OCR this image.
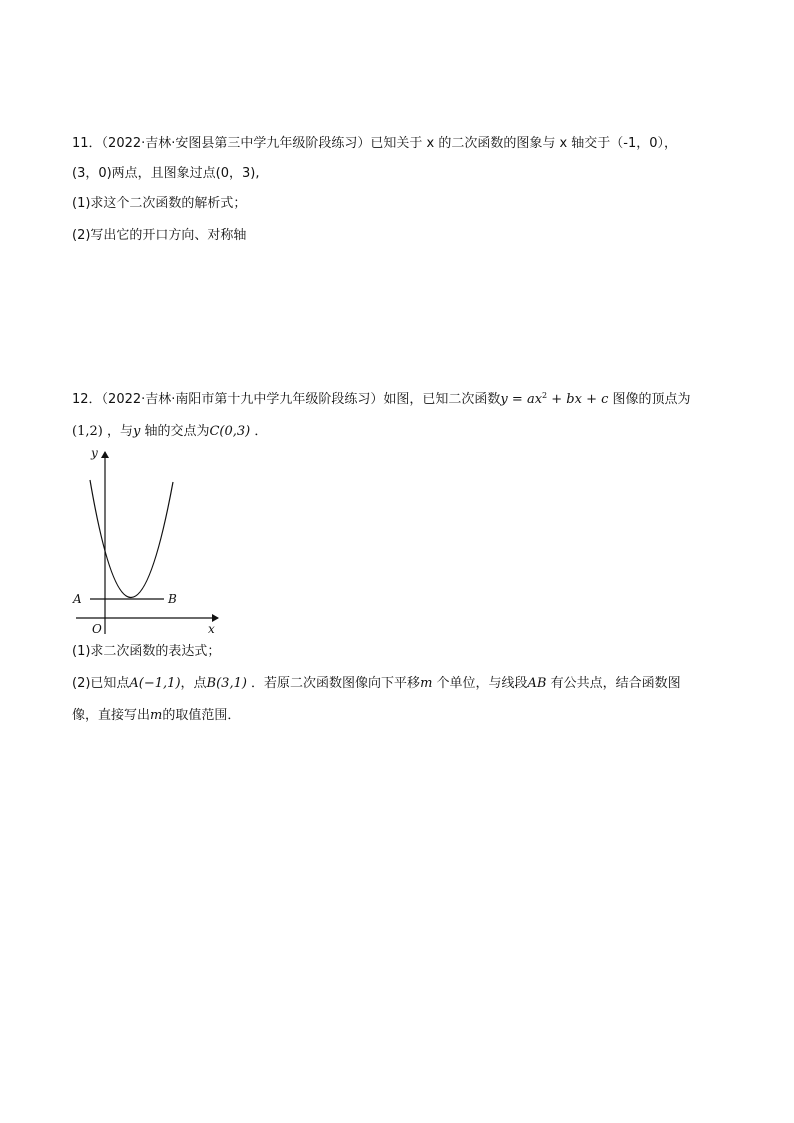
11．（2022·吉林·安图县第三中学九年级阶段练习）已知关于 x 的二次函数的图象与 x 轴交于（-1，0），
(3，0)两点，且图象过点(0，3),
(1)求这个二次函数的解析式；
(2)写出它的开口方向、对称轴
12．（2022·吉林·南阳市第十九中学九年级阶段练习）如图，已知二次函数$y = ax^2$ + bx + c 图像的顶点为
(1,2) ，与y 轴的交点为C(0,3) ．
y
x
O
A	B
(1)求二次函数的表达式；
(2)已知点A(−1,1)，点B(3,1) ．若原二次函数图像向下平移m 个单位，与线段AB 有公共点，结合函数图
像，直接写出m的取值范围．
